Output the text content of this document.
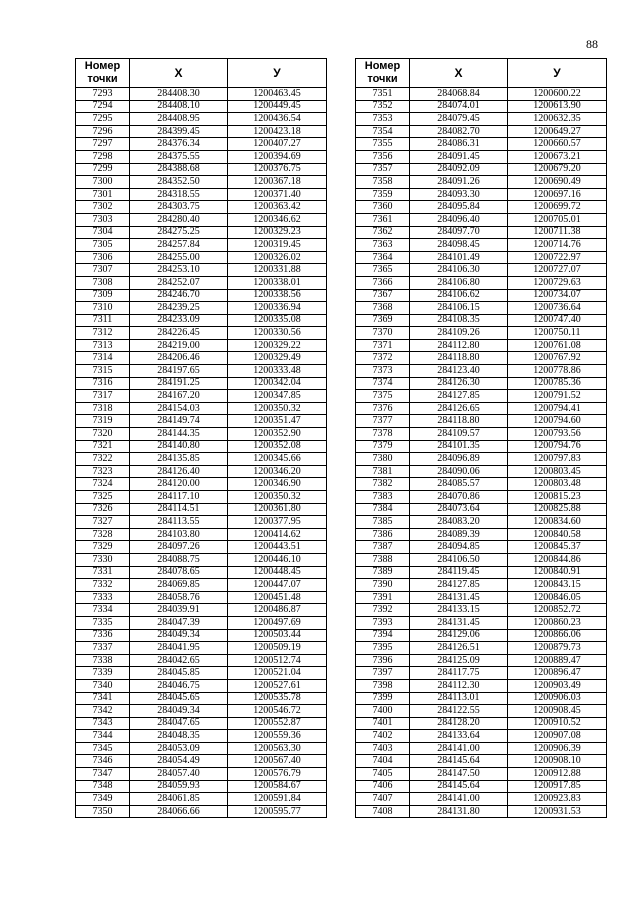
88
Номер
точки	X	У
7293	284408.30	1200463.45
7294	284408.10	1200449.45
7295	284408.95	1200436.54
7296	284399.45	1200423.18
7297	284376.34	1200407.27
7298	284375.55	1200394.69
7299	284388.68	1200376.75
7300	284352.50	1200367.18
7301	284318.55	1200371.40
7302	284303.75	1200363.42
7303	284280.40	1200346.62
7304	284275.25	1200329.23
7305	284257.84	1200319.45
7306	284255.00	1200326.02
7307	284253.10	1200331.88
7308	284252.07	1200338.01
7309	284246.70	1200338.56
7310	284239.25	1200336.94
7311	284233.09	1200335.08
7312	284226.45	1200330.56
7313	284219.00	1200329.22
7314	284206.46	1200329.49
7315	284197.65	1200333.48
7316	284191.25	1200342.04
7317	284167.20	1200347.85
7318	284154.03	1200350.32
7319	284149.74	1200351.47
7320	284144.35	1200352.90
7321	284140.80	1200352.08
7322	284135.85	1200345.66
7323	284126.40	1200346.20
7324	284120.00	1200346.90
7325	284117.10	1200350.32
7326	284114.51	1200361.80
7327	284113.55	1200377.95
7328	284103.80	1200414.62
7329	284097.26	1200443.51
7330	284088.75	1200446.10
7331	284078.65	1200448.45
7332	284069.85	1200447.07
7333	284058.76	1200451.48
7334	284039.91	1200486.87
7335	284047.39	1200497.69
7336	284049.34	1200503.44
7337	284041.95	1200509.19
7338	284042.65	1200512.74
7339	284045.85	1200521.04
7340	284046.75	1200527.61
7341	284045.65	1200535.78
7342	284049.34	1200546.72
7343	284047.65	1200552.87
7344	284048.35	1200559.36
7345	284053.09	1200563.30
7346	284054.49	1200567.40
7347	284057.40	1200576.79
7348	284059.93	1200584.67
7349	284061.85	1200591.84
7350	284066.66	1200595.77
Номер
точки	X	У
7351	284068.84	1200600.22
7352	284074.01	1200613.90
7353	284079.45	1200632.35
7354	284082.70	1200649.27
7355	284086.31	1200660.57
7356	284091.45	1200673.21
7357	284092.09	1200679.20
7358	284091.26	1200690.49
7359	284093.30	1200697.16
7360	284095.84	1200699.72
7361	284096.40	1200705.01
7362	284097.70	1200711.38
7363	284098.45	1200714.76
7364	284101.49	1200722.97
7365	284106.30	1200727.07
7366	284106.80	1200729.63
7367	284106.62	1200734.07
7368	284106.15	1200736.64
7369	284108.35	1200747.40
7370	284109.26	1200750.11
7371	284112.80	1200761.08
7372	284118.80	1200767.92
7373	284123.40	1200778.86
7374	284126.30	1200785.36
7375	284127.85	1200791.52
7376	284126.65	1200794.41
7377	284118.80	1200794.60
7378	284109.57	1200793.56
7379	284101.35	1200794.76
7380	284096.89	1200797.83
7381	284090.06	1200803.45
7382	284085.57	1200803.48
7383	284070.86	1200815.23
7384	284073.64	1200825.88
7385	284083.20	1200834.60
7386	284089.39	1200840.58
7387	284094.85	1200845.37
7388	284106.50	1200844.86
7389	284119.45	1200840.91
7390	284127.85	1200843.15
7391	284131.45	1200846.05
7392	284133.15	1200852.72
7393	284131.45	1200860.23
7394	284129.06	1200866.06
7395	284126.51	1200879.73
7396	284125.09	1200889.47
7397	284117.75	1200896.47
7398	284112.30	1200903.49
7399	284113.01	1200906.03
7400	284122.55	1200908.45
7401	284128.20	1200910.52
7402	284133.64	1200907.08
7403	284141.00	1200906.39
7404	284145.64	1200908.10
7405	284147.50	1200912.88
7406	284145.64	1200917.85
7407	284141.00	1200923.83
7408	284131.80	1200931.53
